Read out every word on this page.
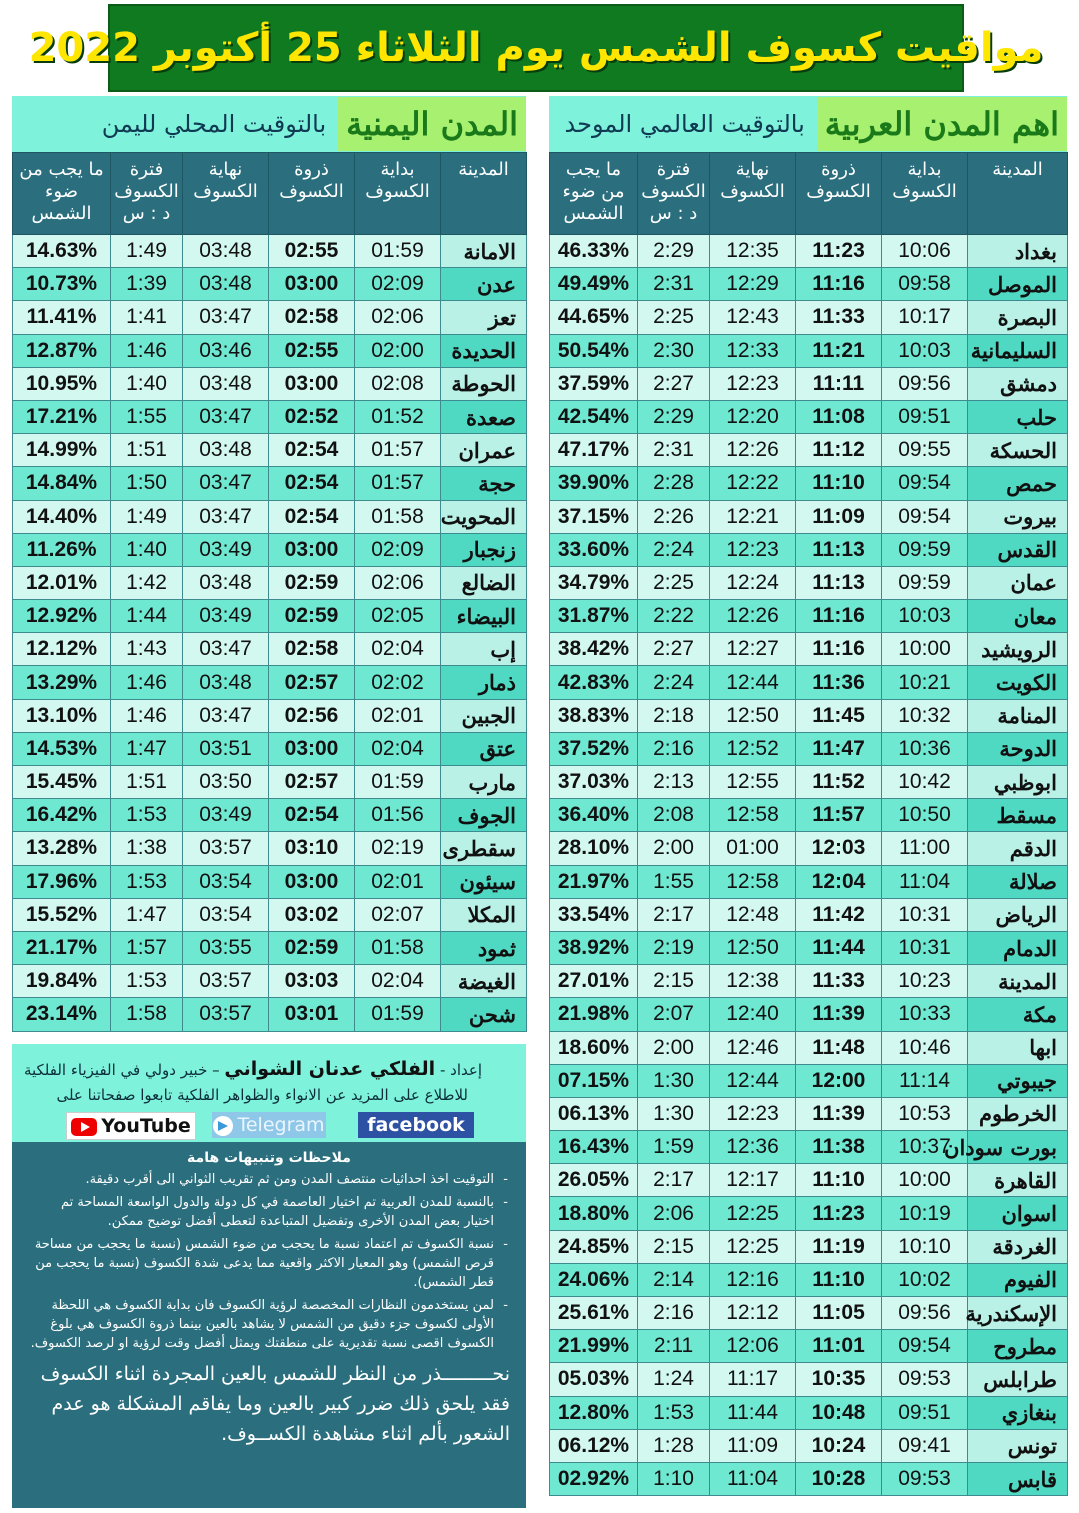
مواقيت كسوف الشمس يوم الثلاثاء 25 أكتوبر 2022
اهم المدن العربية
بالتوقيت العالمي الموحد
المدينة	بداية الكسوف	ذروة الكسوف	نهاية الكسوف	فترة الكسوف د : س	ما يجب من ضوء الشمس
بغداد	10:06	11:23	12:35	2:29	46.33%
الموصل	09:58	11:16	12:29	2:31	49.49%
البصرة	10:17	11:33	12:43	2:25	44.65%
السليمانية	10:03	11:21	12:33	2:30	50.54%
دمشق	09:56	11:11	12:23	2:27	37.59%
حلب	09:51	11:08	12:20	2:29	42.54%
الحسكة	09:55	11:12	12:26	2:31	47.17%
حمص	09:54	11:10	12:22	2:28	39.90%
بيروت	09:54	11:09	12:21	2:26	37.15%
القدس	09:59	11:13	12:23	2:24	33.60%
عمان	09:59	11:13	12:24	2:25	34.79%
معان	10:03	11:16	12:26	2:22	31.87%
الرويشيد	10:00	11:16	12:27	2:27	38.42%
الكويت	10:21	11:36	12:44	2:24	42.83%
المنامة	10:32	11:45	12:50	2:18	38.83%
الدوحة	10:36	11:47	12:52	2:16	37.52%
ابوظبي	10:42	11:52	12:55	2:13	37.03%
مسقط	10:50	11:57	12:58	2:08	36.40%
الدقم	11:00	12:03	01:00	2:00	28.10%
صلالة	11:04	12:04	12:58	1:55	21.97%
الرياض	10:31	11:42	12:48	2:17	33.54%
الدمام	10:31	11:44	12:50	2:19	38.92%
المدينة	10:23	11:33	12:38	2:15	27.01%
مكة	10:33	11:39	12:40	2:07	21.98%
ابها	10:46	11:48	12:46	2:00	18.60%
جيبوتي	11:14	12:00	12:44	1:30	07.15%
الخرطوم	10:53	11:39	12:23	1:30	06.13%
بورت سودان	10:37	11:38	12:36	1:59	16.43%
القاهرة	10:00	11:10	12:17	2:17	26.05%
اسوان	10:19	11:23	12:25	2:06	18.80%
الغردقة	10:10	11:19	12:25	2:15	24.85%
الفيوم	10:02	11:10	12:16	2:14	24.06%
الإسكندرية	09:56	11:05	12:12	2:16	25.61%
مطروح	09:54	11:01	12:06	2:11	21.99%
طرابلس	09:53	10:35	11:17	1:24	05.03%
بنغازي	09:51	10:48	11:44	1:53	12.80%
تونس	09:41	10:24	11:09	1:28	06.12%
قابس	09:53	10:28	11:04	1:10	02.92%
المدن اليمنية
بالتوقيت المحلي لليمن
المدينة	بداية الكسوف	ذروة الكسوف	نهاية الكسوف	فترة الكسوف د : س	ما يجب من ضوء الشمس
الامانة	01:59	02:55	03:48	1:49	14.63%
عدن	02:09	03:00	03:48	1:39	10.73%
تعز	02:06	02:58	03:47	1:41	11.41%
الحديدة	02:00	02:55	03:46	1:46	12.87%
الحوطة	02:08	03:00	03:48	1:40	10.95%
صعدة	01:52	02:52	03:47	1:55	17.21%
عمران	01:57	02:54	03:48	1:51	14.99%
حجة	01:57	02:54	03:47	1:50	14.84%
المحويت	01:58	02:54	03:47	1:49	14.40%
زنجبار	02:09	03:00	03:49	1:40	11.26%
الضالع	02:06	02:59	03:48	1:42	12.01%
البيضاء	02:05	02:59	03:49	1:44	12.92%
إب	02:04	02:58	03:47	1:43	12.12%
ذمار	02:02	02:57	03:48	1:46	13.29%
الجبين	02:01	02:56	03:47	1:46	13.10%
عتق	02:04	03:00	03:51	1:47	14.53%
مارب	01:59	02:57	03:50	1:51	15.45%
الجوف	01:56	02:54	03:49	1:53	16.42%
سقطرى	02:19	03:10	03:57	1:38	13.28%
سيئون	02:01	03:00	03:54	1:53	17.96%
المكلا	02:07	03:02	03:54	1:47	15.52%
ثمود	01:58	02:59	03:55	1:57	21.17%
الغيضة	02:04	03:03	03:57	1:53	19.84%
شحن	01:59	03:01	03:57	1:58	23.14%
إعداد - الفلكي عدنان الشواني – خبير دولي في الفيزياء الفلكية
للاطلاع على المزيد عن الانواء والظواهر الفلكية تابعوا صفحاتنا على
YouTube	Telegram	facebook
ملاحظات وتنبيهات هامة
- التوقيت اخذ احداثيات منتصف المدن ومن ثم تقريب الثواني الى أقرب دقيقة.
- بالنسبة للمدن العربية تم اختيار العاصمة في كل دولة والدول الواسعة المساحة تم اختيار بعض المدن الأخرى وتفضيل المتباعدة لتعطى أفضل توضيح ممكن.
- نسبة الكسوف تم اعتماد نسبة ما يحجب من ضوء الشمس (نسبة ما يحجب من مساحة قرص الشمس) وهو المعيار الاكثر واقعية مما يدعى شدة الكسوف (نسبة ما يحجب من قطر الشمس).
- لمن يستخدمون النظارات المخصصة لرؤية الكسوف فان بداية الكسوف هي اللحظة الأولى لكسوف جزء دقيق من الشمس لا يشاهد بالعين بينما ذروة الكسوف هي بلوغ الكسوف اقصى نسبة تقديرية على منطقتك ويمثل أفضل وقت لرؤية او لرصد الكسوف.
نحـــــــــذر من النظر للشمس بالعين المجردة اثناء الكسوف فقد يلحق ذلك ضرر كبير بالعين وما يفاقم المشكلة هو عدم الشعور بألم اثناء مشاهدة الكســوف.
